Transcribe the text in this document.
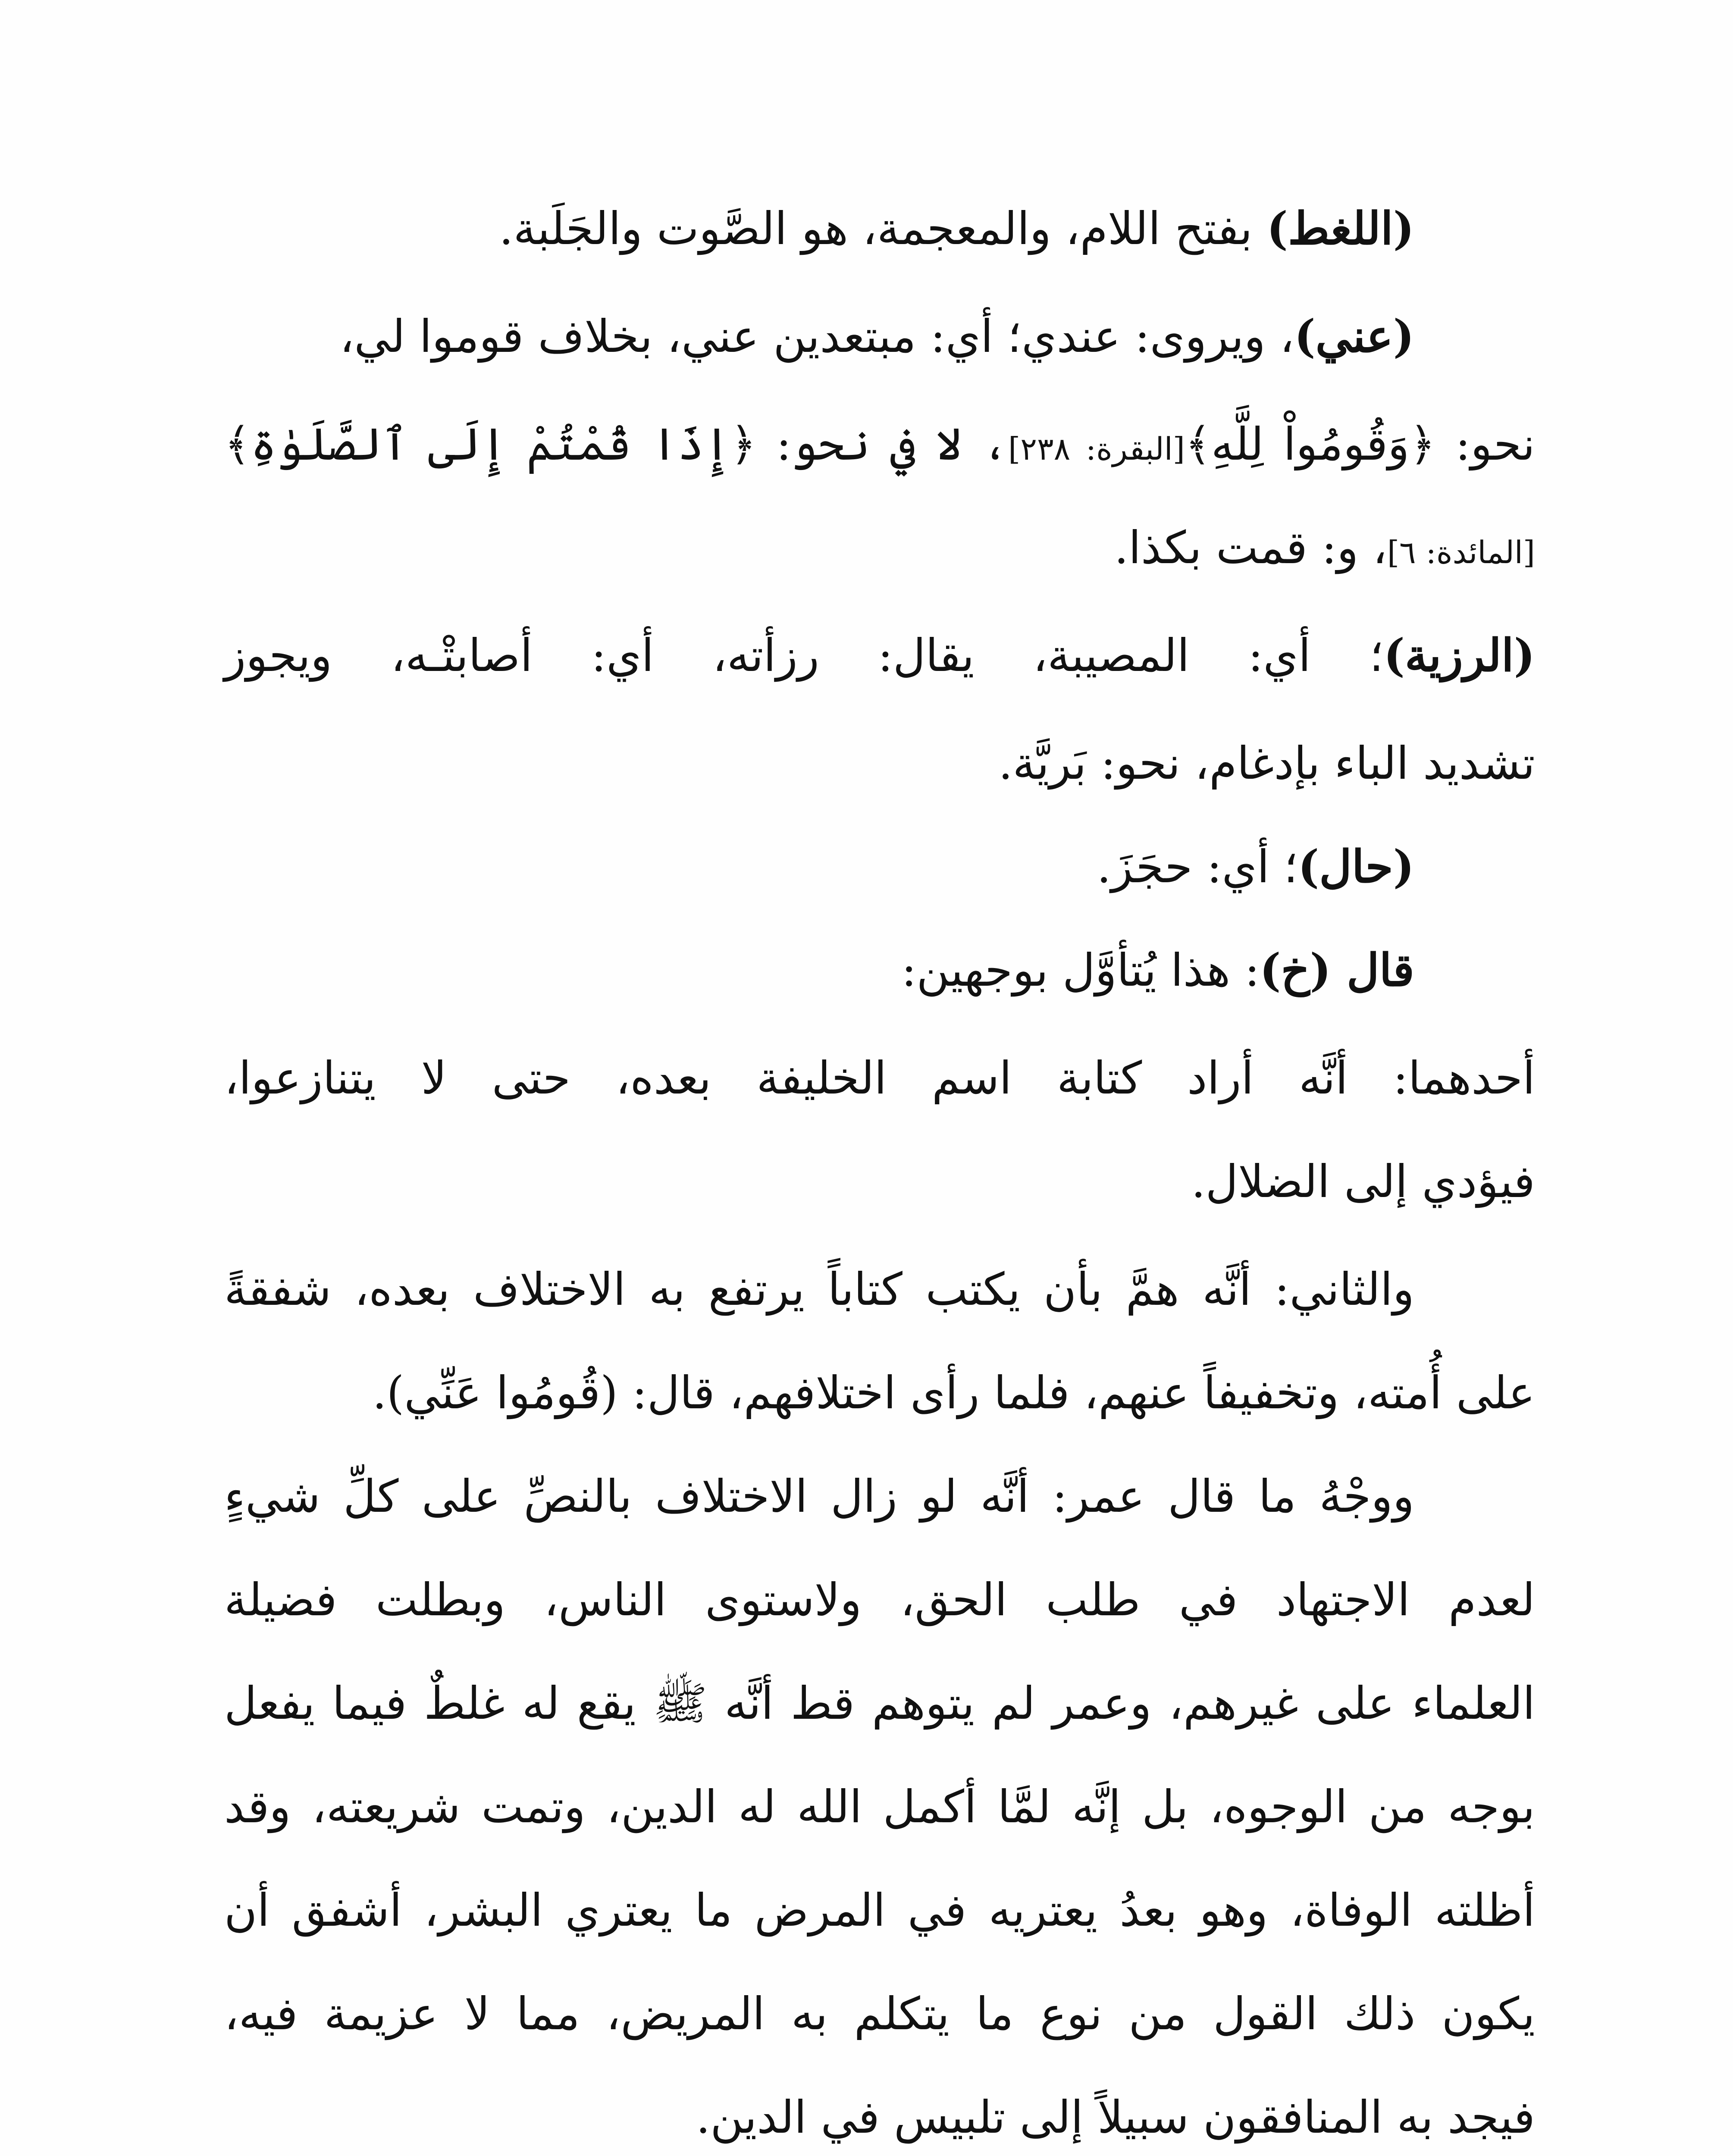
(اللغط) بفتح اللام، والمعجمة، هو الصَّوت والجَلَبة.
(عني)، ويروى: عندي؛ أي: مبتعدين عني، بخلاف قوموا لي،
نحو: ﴿وَقُومُواْ لِلَّهِ﴾[البقرة: ٢٣٨]، لا في نحو: ﴿إِذَا قُمْتُمْ إِلَى ٱلصَّلَوٰةِ﴾
[المائدة: ٦]، و: قمت بكذا.
(الرزية)؛ أي: المصيبة، يقال: رزأته، أي: أصابتْـه، ويجوز
تشديد الباء بإدغام، نحو: بَريَّة.
(حال)؛ أي: حجَزَ.
قال (خ): هذا يُتأوَّل بوجهين:
أحدهما: أنَّه أراد كتابة اسم الخليفة بعده، حتى لا يتنازعوا،
فيؤدي إلى الضلال.
والثاني: أنَّه همَّ بأن يكتب كتاباً يرتفع به الاختلاف بعده، شفقةً
على أُمته، وتخفيفاً عنهم، فلما رأى اختلافهم، قال: (قُومُوا عَنِّي).
ووجْهُ ما قال عمر: أنَّه لو زال الاختلاف بالنصِّ على كلِّ شيءٍ
لعدم الاجتهاد في طلب الحق، ولاستوى الناس، وبطلت فضيلة
العلماء على غيرهم، وعمر لم يتوهم قط أنَّه ﷺ يقع له غلطٌ فيما يفعل
بوجه من الوجوه، بل إنَّه لمَّا أكمل الله له الدين، وتمت شريعته، وقد
أظلته الوفاة، وهو بعدُ يعتريه في المرض ما يعتري البشر، أشفق أن
يكون ذلك القول من نوع ما يتكلم به المريض، مما لا عزيمة فيه،
فيجد به المنافقون سبيلاً إلى تلبيس في الدين.
